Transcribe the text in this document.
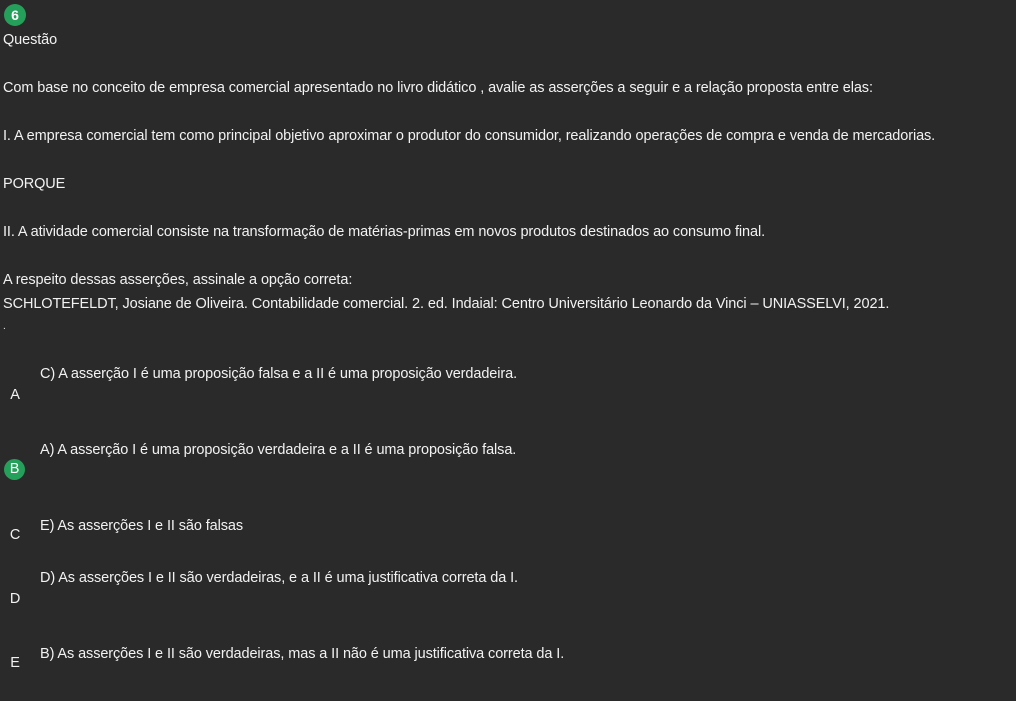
6
Questão
Com base no conceito de empresa comercial apresentado no livro didático , avalie as asserções a seguir e a relação proposta entre elas:
I. A empresa comercial tem como principal objetivo aproximar o produtor do consumidor, realizando operações de compra e venda de mercadorias.
PORQUE
II. A atividade comercial consiste na transformação de matérias-primas em novos produtos destinados ao consumo final.
A respeito dessas asserções, assinale a opção correta:
SCHLOTEFELDT, Josiane de Oliveira. Contabilidade comercial. 2. ed. Indaial: Centro Universitário Leonardo da Vinci – UNIASSELVI, 2021.
.
A
C) A asserção I é uma proposição falsa e a II é uma proposição verdadeira.
B
A) A asserção I é uma proposição verdadeira e a II é uma proposição falsa.
C
E) As asserções I e II são falsas
D
D) As asserções I e II são verdadeiras, e a II é uma justificativa correta da I.
E
B) As asserções I e II são verdadeiras, mas a II não é uma justificativa correta da I.
